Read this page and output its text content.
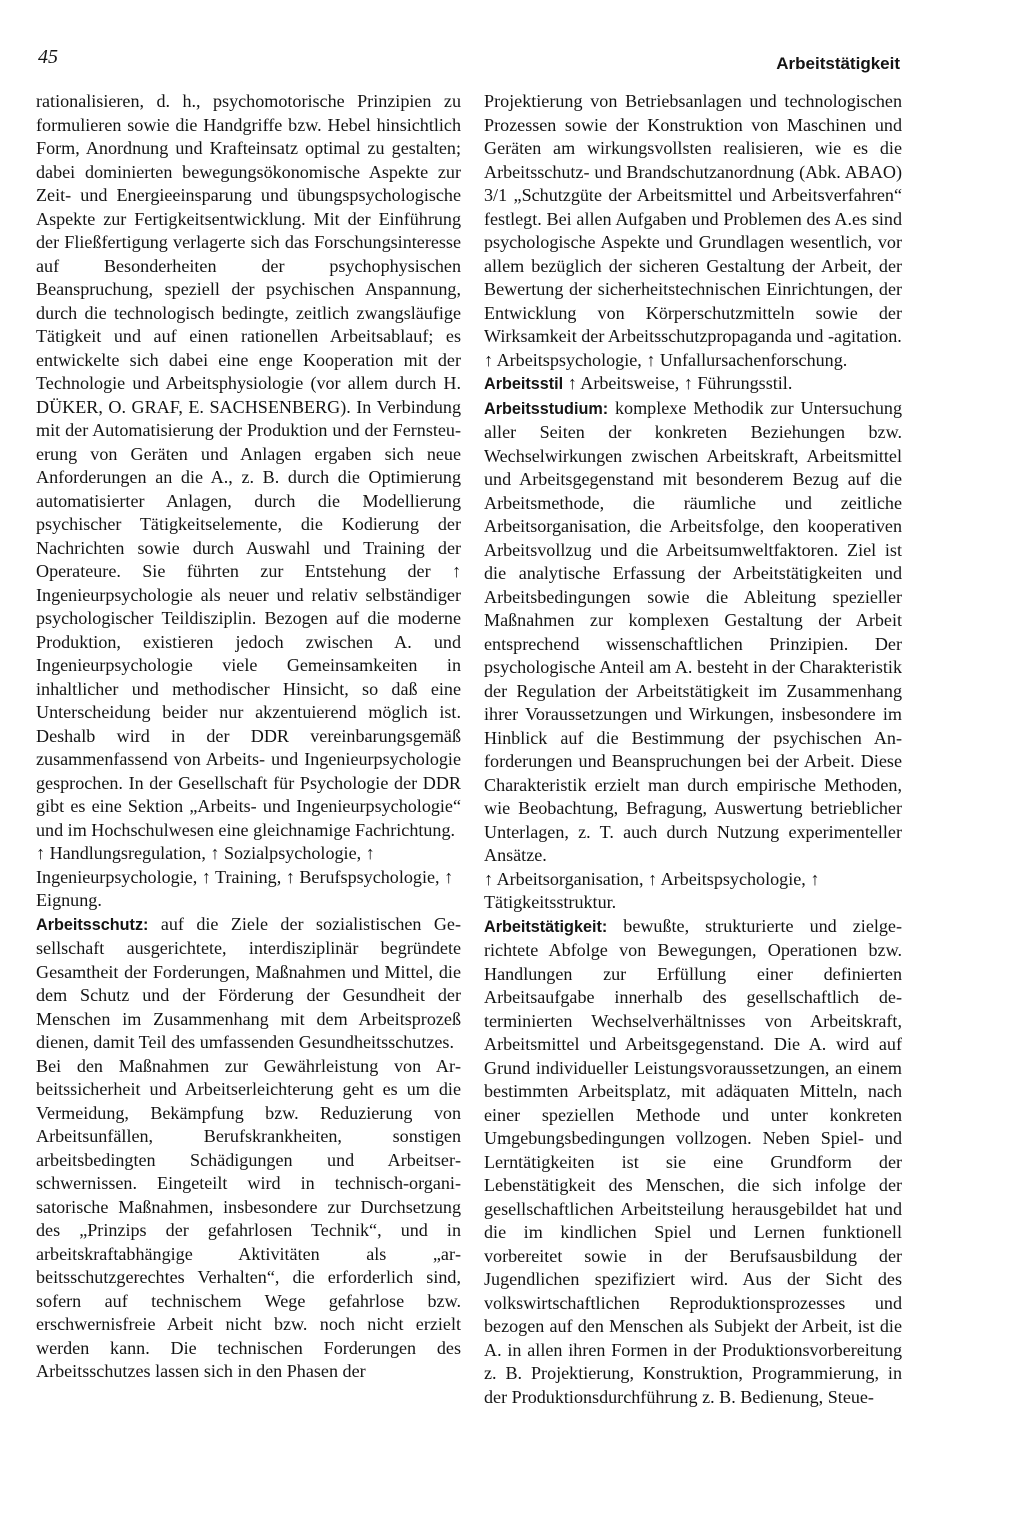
45	Arbeitstätigkeit

rationalisieren, d. h., psychomotorische Prinzipien zu formulieren sowie die Handgriffe bzw. Hebel hinsichtlich Form, Anordnung und Krafteinsatz optimal zu gestalten; dabei dominierten bewegungsökonomische Aspekte zur Zeit- und Energieeinsparung und übungspsychologische Aspekte zur Fertigkeitsentwicklung. Mit der Einführung der Fließfertigung verlagerte sich das Forschungsinteresse auf Besonderheiten der psychophysischen Beanspruchung, speziell der psychischen Anspannung, durch die technologisch bedingte, zeitlich zwangsläufige Tätigkeit und auf einen rationellen Arbeitsablauf; es entwickelte sich dabei eine enge Kooperation mit der Technologie und Arbeitsphysiologie (vor allem durch H. DÜKER, O. GRAF, E. SACHSENBERG). In Verbindung mit der Automatisierung der Produktion und der Fernsteuerung von Geräten und Anlagen ergaben sich neue Anforderungen an die A., z. B. durch die Optimierung automatisierter Anlagen, durch die Modellierung psychischer Tätigkeitselemente, die Kodierung der Nachrichten sowie durch Auswahl und Training der Operateure. Sie führten zur Entstehung der ↑ Ingenieurpsychologie als neuer und relativ selbständiger psychologischer Teildisziplin. Bezogen auf die moderne Produktion, existieren jedoch zwischen A. und Ingenieurpsychologie viele Gemeinsamkeiten in inhaltlicher und methodischer Hinsicht, so daß eine Unterscheidung beider nur akzentuierend möglich ist. Deshalb wird in der DDR vereinbarungsgemäß zusammenfassend von Arbeits- und Ingenieurpsychologie gesprochen. In der Gesellschaft für Psychologie der DDR gibt es eine Sektion „Arbeits- und Ingenieurpsychologie“ und im Hochschulwesen eine gleichnamige Fachrichtung.

↑ Handlungsregulation, ↑ Sozialpsychologie, ↑ Ingenieurpsychologie, ↑ Training, ↑ Berufspsychologie, ↑ Eignung.

Arbeitsschutz: auf die Ziele der sozialistischen Gesellschaft ausgerichtete, interdisziplinär begründete Gesamtheit der Forderungen, Maßnahmen und Mittel, die dem Schutz und der Förderung der Gesundheit der Menschen im Zusammenhang mit dem Arbeitsprozeß dienen, damit Teil des umfassenden Gesundheitsschutzes.

Bei den Maßnahmen zur Gewährleistung von Arbeitssicherheit und Arbeitserleichterung geht es um die Vermeidung, Bekämpfung bzw. Reduzierung von Arbeitsunfällen, Berufskrankheiten, sonstigen arbeitsbedingten Schädigungen und Arbeitserschwernissen. Eingeteilt wird in technisch-organisatorische Maßnahmen, insbesondere zur Durchsetzung des „Prinzips der gefahrlosen Technik“, und in arbeitskraftabhängige Aktivitäten als „arbeitsschutzgerechtes Verhalten“, die erforderlich sind, sofern auf technischem Wege gefahrlose bzw. erschwernisfreie Arbeit nicht bzw. noch nicht erzielt werden kann. Die technischen Forderungen des Arbeitsschutzes lassen sich in den Phasen der

Projektierung von Betriebsanlagen und technologischen Prozessen sowie der Konstruktion von Maschinen und Geräten am wirkungsvollsten realisieren, wie es die Arbeitsschutz- und Brandschutzanordnung (Abk. ABAO) 3/1 „Schutzgüte der Arbeitsmittel und Arbeitsverfahren“ festlegt. Bei allen Aufgaben und Problemen des A.es sind psychologische Aspekte und Grundlagen wesentlich, vor allem bezüglich der sicheren Gestaltung der Arbeit, der Bewertung der sicherheitstechnischen Einrichtungen, der Entwicklung von Körperschutzmitteln sowie der Wirksamkeit der Arbeitsschutzpropaganda und -agitation.

↑ Arbeitspsychologie, ↑ Unfallursachenforschung.

Arbeitsstil ↑ Arbeitsweise, ↑ Führungsstil.

Arbeitsstudium: komplexe Methodik zur Untersuchung aller Seiten der konkreten Beziehungen bzw. Wechselwirkungen zwischen Arbeitskraft, Arbeitsmittel und Arbeitsgegenstand mit besonderem Bezug auf die Arbeitsmethode, die räumliche und zeitliche Arbeitsorganisation, die Arbeitsfolge, den kooperativen Arbeitsvollzug und die Arbeitsumweltfaktoren. Ziel ist die analytische Erfassung der Arbeitstätigkeiten und Arbeitsbedingungen sowie die Ableitung spezieller Maßnahmen zur komplexen Gestaltung der Arbeit entsprechend wissenschaftlichen Prinzipien. Der psychologische Anteil am A. besteht in der Charakteristik der Regulation der Arbeitstätigkeit im Zusammenhang ihrer Voraussetzungen und Wirkungen, insbesondere im Hinblick auf die Bestimmung der psychischen Anforderungen und Beanspruchungen bei der Arbeit. Diese Charakteristik erzielt man durch empirische Methoden, wie Beobachtung, Befragung, Auswertung betrieblicher Unterlagen, z. T. auch durch Nutzung experimenteller Ansätze.

↑ Arbeitsorganisation, ↑ Arbeitspsychologie, ↑ Tätigkeitsstruktur.

Arbeitstätigkeit: bewußte, strukturierte und zielgerichtete Abfolge von Bewegungen, Operationen bzw. Handlungen zur Erfüllung einer definierten Arbeitsaufgabe innerhalb des gesellschaftlich determinierten Wechselverhältnisses von Arbeitskraft, Arbeitsmittel und Arbeitsgegenstand. Die A. wird auf Grund individueller Leistungsvoraussetzungen, an einem bestimmten Arbeitsplatz, mit adäquaten Mitteln, nach einer speziellen Methode und unter konkreten Umgebungsbedingungen vollzogen. Neben Spiel- und Lerntätigkeiten ist sie eine Grundform der Lebenstätigkeit des Menschen, die sich infolge der gesellschaftlichen Arbeitsteilung herausgebildet hat und die im kindlichen Spiel und Lernen funktionell vorbereitet sowie in der Berufsausbildung der Jugendlichen spezifiziert wird. Aus der Sicht des volkswirtschaftlichen Reproduktionsprozesses und bezogen auf den Menschen als Subjekt der Arbeit, ist die A. in allen ihren Formen in der Produktionsvorbereitung z. B. Projektierung, Konstruktion, Programmierung, in der Produktionsdurchführung z. B. Bedienung, Steue-
